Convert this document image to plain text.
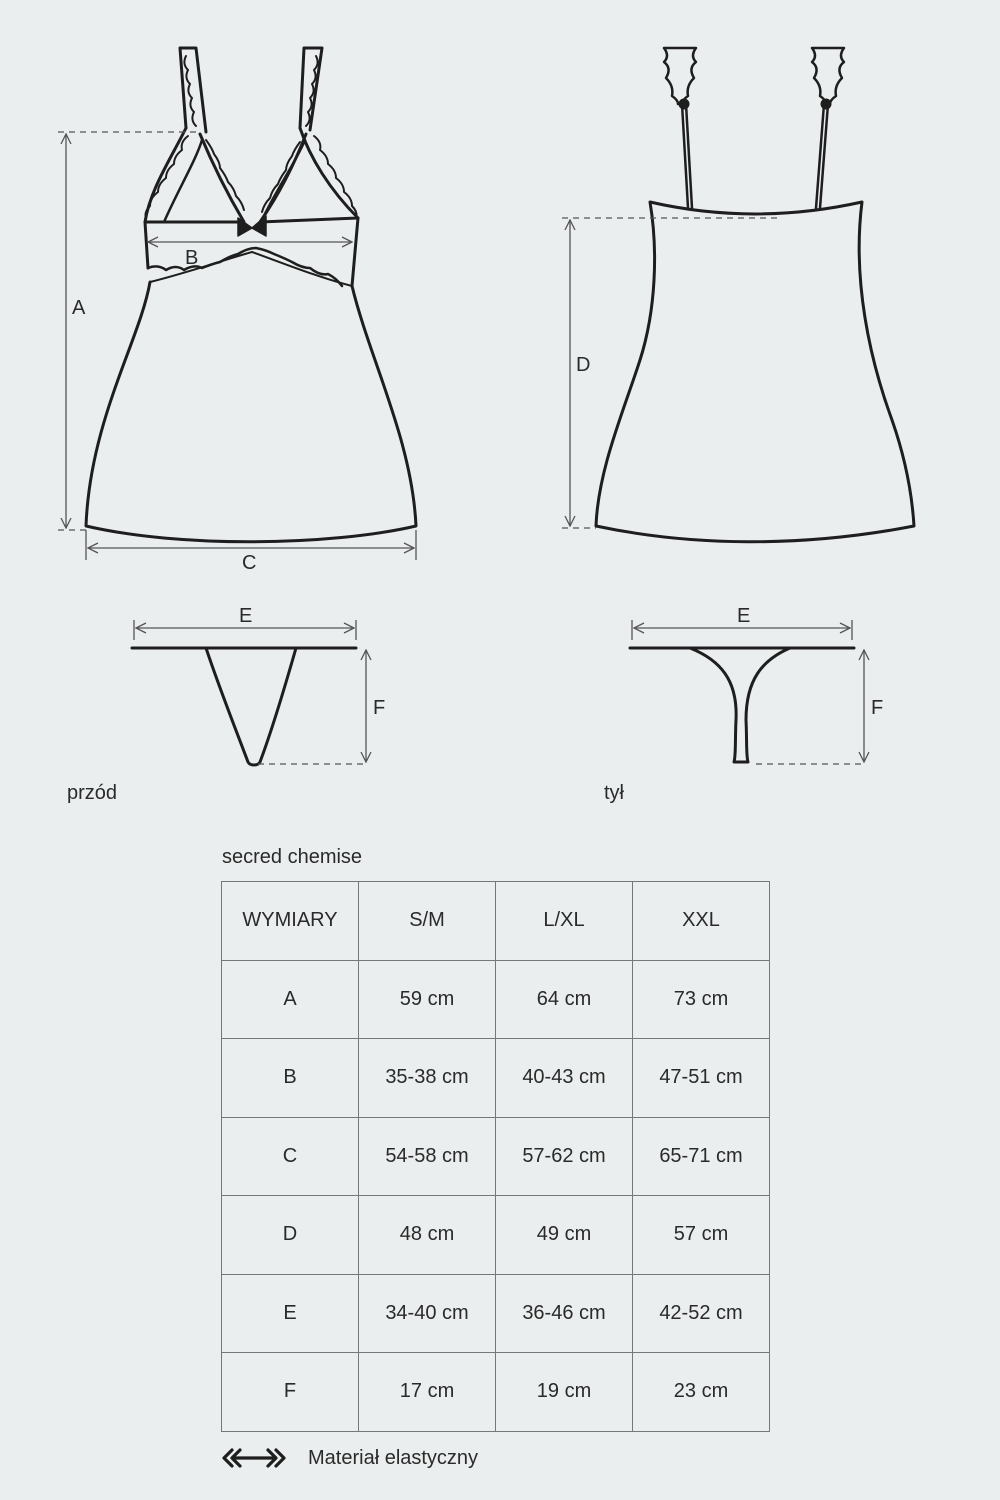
A
B
C
D
E
F
E
F
przód	tył
secred chemise
WYMIARY	S/M	L/XL	XXL
A	59 cm	64 cm	73 cm
B	35-38 cm	40-43 cm	47-51 cm
C	54-58 cm	57-62 cm	65-71 cm
D	48 cm	49 cm	57 cm
E	34-40 cm	36-46 cm	42-52 cm
F	17 cm	19 cm	23 cm
Materiał elastyczny
